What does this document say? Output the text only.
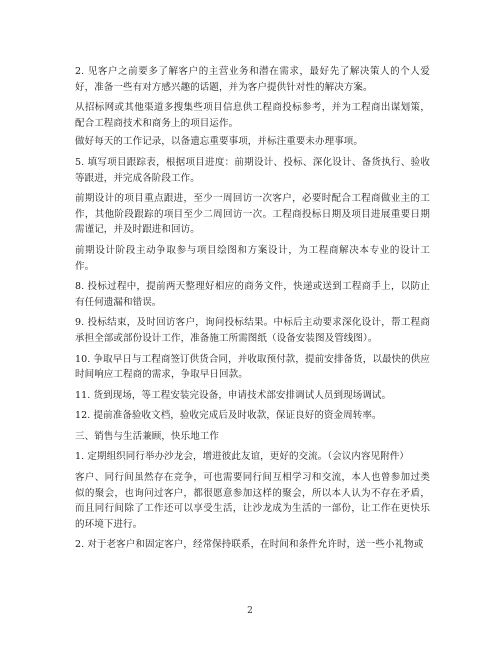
2. 见客户之前要多了解客户的主营业务和潜在需求，最好先了解决策人的个人爱好，准备一些有对方感兴趣的话题，并为客户提供针对性的解决方案。

从招标网或其他渠道多搜集些项目信息供工程商投标参考，并为工程商出谋划策，配合工程商技术和商务上的项目运作。

做好每天的工作记录，以备遗忘重要事项，并标注重要未办理事项。

5. 填写项目跟踪表，根据项目进度：前期设计、投标、深化设计、备货执行、验收等跟进，并完成各阶段工作。

前期设计的项目重点跟进，至少一周回访一次客户，必要时配合工程商做业主的工作，其他阶段跟踪的项目至少二周回访一次。工程商投标日期及项目进展重要日期需谨记，并及时跟进和回访。

前期设计阶段主动争取参与项目绘图和方案设计，为工程商解决本专业的设计工作。

8. 投标过程中，提前两天整理好相应的商务文件，快递或送到工程商手上，以防止有任何遗漏和错误。

9. 投标结束，及时回访客户，询问投标结果。中标后主动要求深化设计，帮工程商承担全部或部份设计工作，准备施工所需图纸（设备安装图及管线图）。

10. 争取早日与工程商签订供货合同，并收取预付款，提前安排备货，以最快的供应时间响应工程商的需求，争取早日回款。

11. 货到现场，等工程安装完设备，申请技术部安排调试人员到现场调试。

12. 提前准备验收文档，验收完成后及时收款，保证良好的资金周转率。

三、销售与生活兼顾，快乐地工作

1. 定期组织同行举办沙龙会，增进彼此友谊，更好的交流。（会议内容见附件）

客户、同行间虽然存在竞争，可也需要同行间互相学习和交流，本人也曾参加过类似的聚会，也询问过客户，都很愿意参加这样的聚会，所以本人认为不存在矛盾，而且同行间除了工作还可以享受生活，让沙龙成为生活的一部份，让工作在更快乐的环境下进行。

2. 对于老客户和固定客户，经常保持联系，在时间和条件允许时，送一些小礼物或

2
